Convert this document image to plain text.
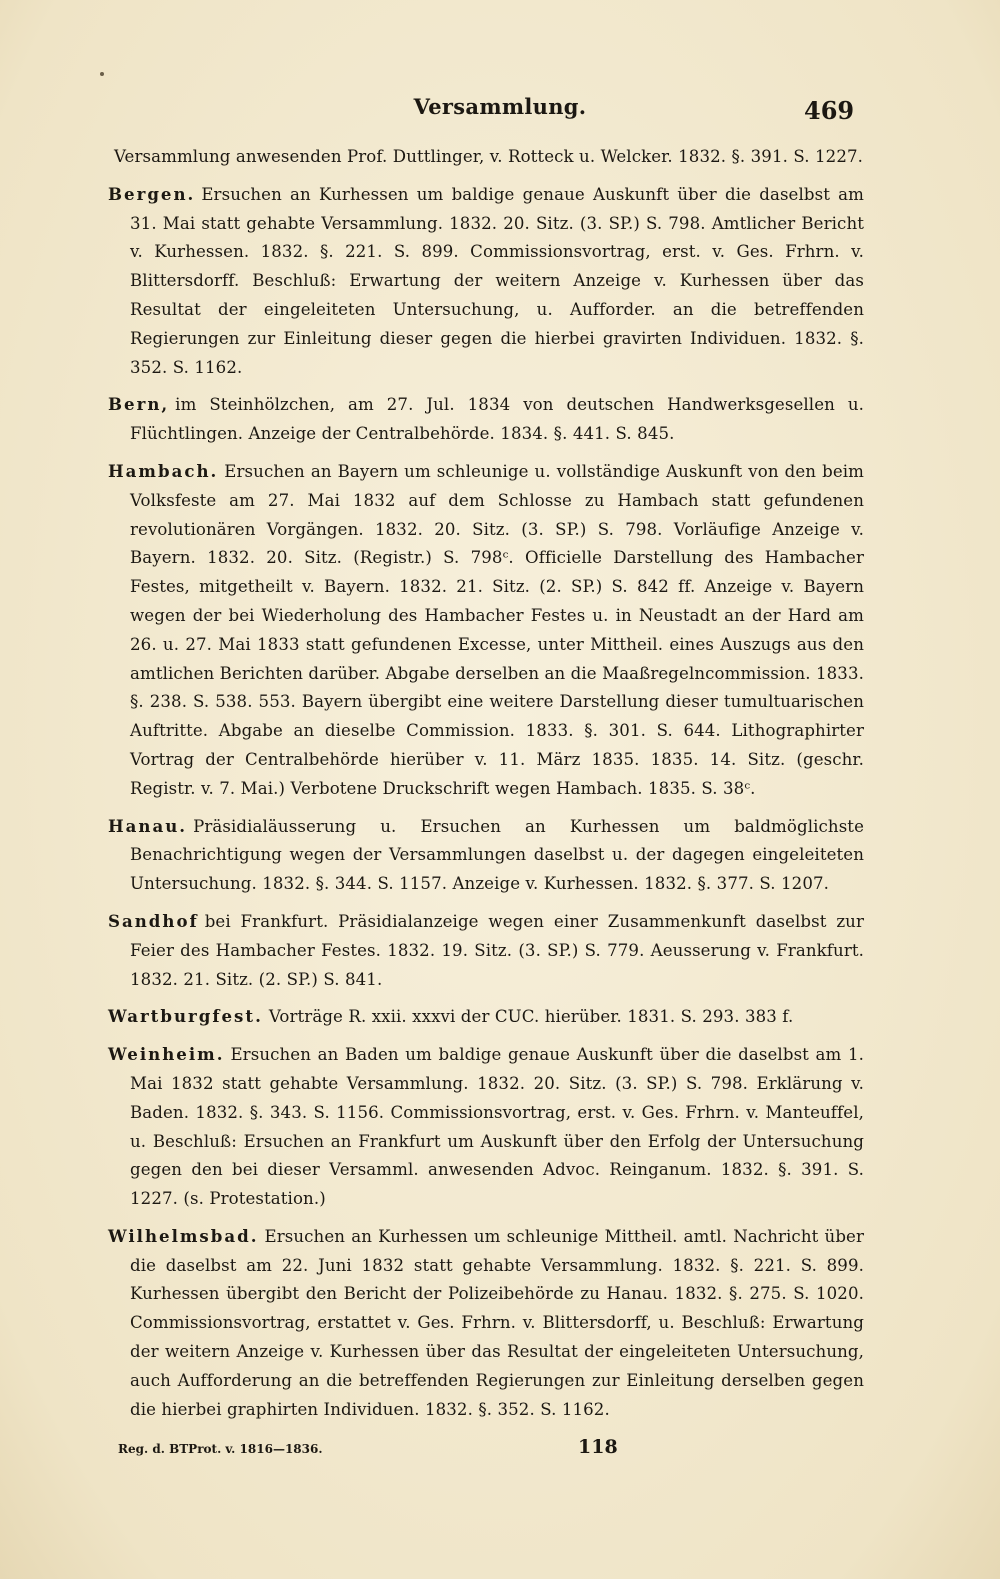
Versammlung.	469

Versammlung anwesenden Prof. Duttlinger, v. Rotteck u. Welcker. 1832. §. 391. S. 1227.

Bergen. Ersuchen an Kurhessen um baldige genaue Auskunft über die daselbst am 31. Mai statt gehabte Versammlung. 1832. 20. Sitz. (3. SP.) S. 798. Amtlicher Bericht v. Kurhessen. 1832. §. 221. S. 899. Commissionsvortrag, erst. v. Ges. Frhrn. v. Blittersdorff. Beschluß: Erwartung der weitern Anzeige v. Kurhessen über das Resultat der eingeleiteten Untersuchung, u. Aufforder. an die betreffenden Regierungen zur Einleitung dieser gegen die hierbei gravirten Individuen. 1832. §. 352. S. 1162.

Bern, im Steinhölzchen, am 27. Jul. 1834 von deutschen Handwerksgesellen u. Flüchtlingen. Anzeige der Centralbehörde. 1834. §. 441. S. 845.

Hambach. Ersuchen an Bayern um schleunige u. vollständige Auskunft von den beim Volksfeste am 27. Mai 1832 auf dem Schlosse zu Hambach statt gefundenen revolutionären Vorgängen. 1832. 20. Sitz. (3. SP.) S. 798. Vorläufige Anzeige v. Bayern. 1832. 20. Sitz. (Registr.) S. 798ᶜ. Officielle Darstellung des Hambacher Festes, mitgetheilt v. Bayern. 1832. 21. Sitz. (2. SP.) S. 842 ff. Anzeige v. Bayern wegen der bei Wiederholung des Hambacher Festes u. in Neustadt an der Hard am 26. u. 27. Mai 1833 statt gefundenen Excesse, unter Mittheil. eines Auszugs aus den amtlichen Berichten darüber. Abgabe derselben an die Maaßregelncommission. 1833. §. 238. S. 538. 553. Bayern übergibt eine weitere Darstellung dieser tumultuarischen Auftritte. Abgabe an dieselbe Commission. 1833. §. 301. S. 644. Lithographirter Vortrag der Centralbehörde hierüber v. 11. März 1835. 1835. 14. Sitz. (geschr. Registr. v. 7. Mai.) Verbotene Druckschrift wegen Hambach. 1835. S. 38ᶜ.

Hanau. Präsidialäusserung u. Ersuchen an Kurhessen um baldmöglichste Benachrichtigung wegen der Versammlungen daselbst u. der dagegen eingeleiteten Untersuchung. 1832. §. 344. S. 1157. Anzeige v. Kurhessen. 1832. §. 377. S. 1207.

Sandhof bei Frankfurt. Präsidialanzeige wegen einer Zusammenkunft daselbst zur Feier des Hambacher Festes. 1832. 19. Sitz. (3. SP.) S. 779. Aeusserung v. Frankfurt. 1832. 21. Sitz. (2. SP.) S. 841.

Wartburgfest. Vorträge R. xxii. xxxvi der CUC. hierüber. 1831. S. 293. 383 f.

Weinheim. Ersuchen an Baden um baldige genaue Auskunft über die daselbst am 1. Mai 1832 statt gehabte Versammlung. 1832. 20. Sitz. (3. SP.) S. 798. Erklärung v. Baden. 1832. §. 343. S. 1156. Commissionsvortrag, erst. v. Ges. Frhrn. v. Manteuffel, u. Beschluß: Ersuchen an Frankfurt um Auskunft über den Erfolg der Untersuchung gegen den bei dieser Versamml. anwesenden Advoc. Reinganum. 1832. §. 391. S. 1227. (s. Protestation.)

Wilhelmsbad. Ersuchen an Kurhessen um schleunige Mittheil. amtl. Nachricht über die daselbst am 22. Juni 1832 statt gehabte Versammlung. 1832. §. 221. S. 899. Kurhessen übergibt den Bericht der Polizeibehörde zu Hanau. 1832. §. 275. S. 1020. Commissionsvortrag, erstattet v. Ges. Frhrn. v. Blittersdorff, u. Beschluß: Erwartung der weitern Anzeige v. Kurhessen über das Resultat der eingeleiteten Untersuchung, auch Aufforderung an die betreffenden Regierungen zur Einleitung derselben gegen die hierbei graphirten Individuen. 1832. §. 352. S. 1162.

Reg. d. BTProt. v. 1816—1836.	118
